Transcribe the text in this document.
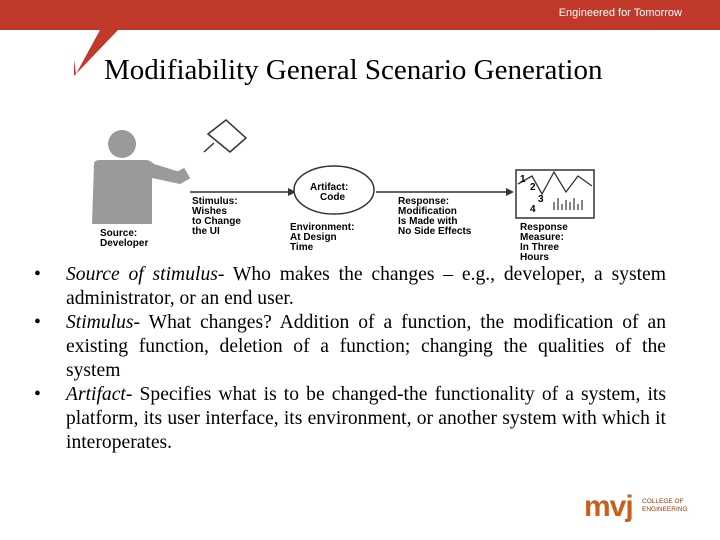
Engineered for Tomorrow
Modifiability General Scenario Generation
1
2
3
4
Source:
Developer
Stimulus:
Wishes
to Change
the UI
Artifact:
Code
Environment:
At Design
Time
Response:
Modification
Is Made with
No Side Effects	Response
Measure:
In Three
Hours
• Source of stimulus- Who makes the changes – e.g., developer, a system administrator, or an end user.
• Stimulus- What changes? Addition of a function, the modification of an existing function, deletion of a function; changing the qualities of the system
• Artifact- Specifies what is to be changed-the functionality of a system, its platform, its user interface, its environment, or another system with which it interoperates.
mvj COLLEGE OF
ENGINEERING
